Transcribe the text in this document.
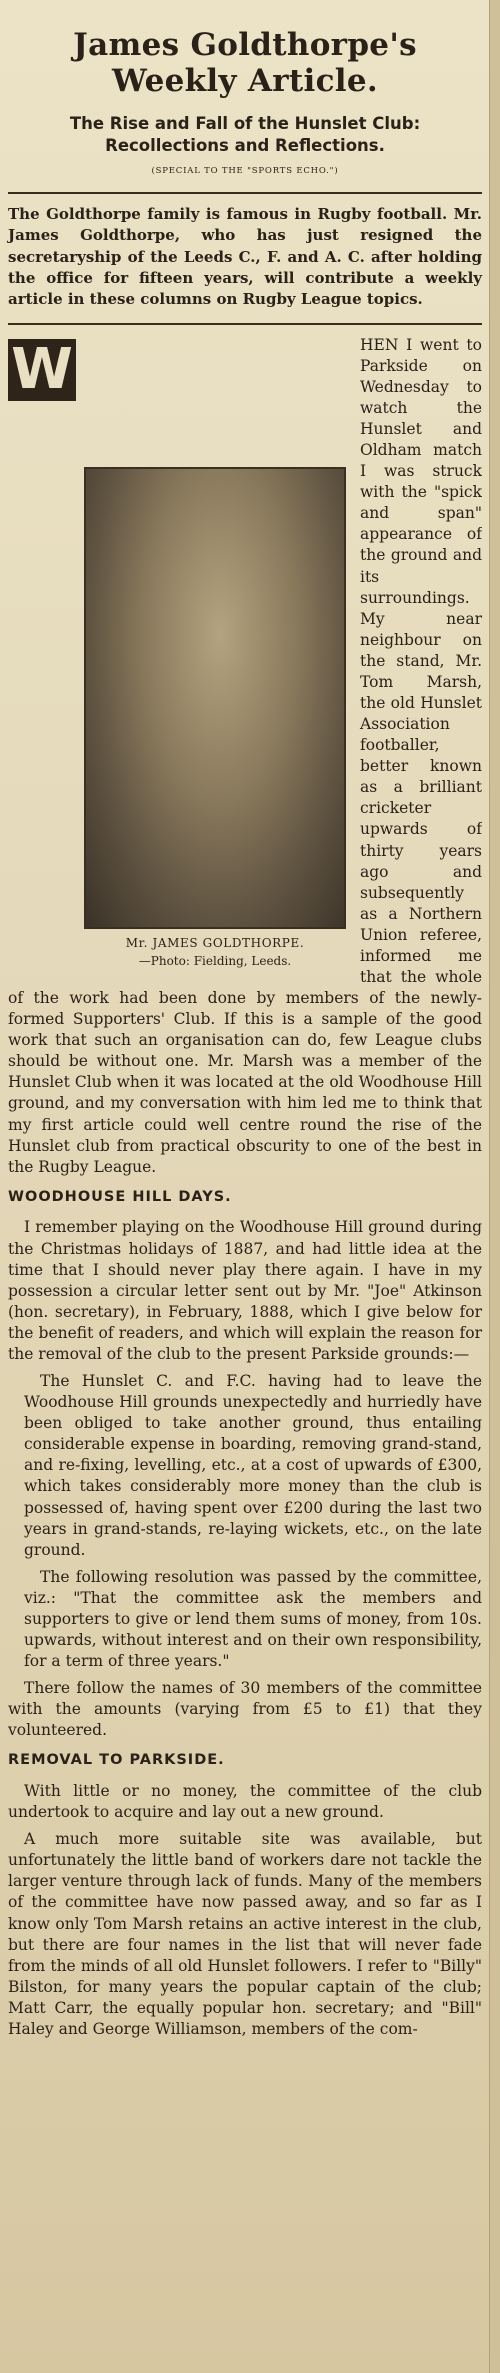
James Goldthorpe's Weekly Article.
The Rise and Fall of the Hunslet Club:
Recollections and Reflections.
(SPECIAL TO THE "SPORTS ECHO.")
The Goldthorpe family is famous in Rugby football. Mr. James Goldthorpe, who has just resigned the secretaryship of the Leeds C., F. and A. C. after holding the office for fifteen years, will contribute a weekly article in these columns on Rugby League topics.
W
Mr. JAMES GOLDTHORPE.
—Photo: Fielding, Leeds.
HEN I went to Parkside on Wednesday to watch the Hunslet and Oldham match I was struck with the "spick and span" appearance of the ground and its surroundings. My near neighbour on the stand, Mr. Tom Marsh, the old Hunslet Association footballer, better known as a brilliant cricketer upwards of thirty years ago and subsequently as a Northern Union referee, informed me that the whole of the work had been done by members of the newly-formed Supporters' Club. If this is a sample of the good work that such an organisation can do, few League clubs should be without one. Mr. Marsh was a member of the Hunslet Club when it was located at the old Woodhouse Hill ground, and my conversation with him led me to think that my first article could well centre round the rise of the Hunslet club from practical obscurity to one of the best in the Rugby League.
WOODHOUSE HILL DAYS.

I remember playing on the Woodhouse Hill ground during the Christmas holidays of 1887, and had little idea at the time that I should never play there again. I have in my possession a circular letter sent out by Mr. "Joe" Atkinson (hon. secretary), in February, 1888, which I give below for the benefit of readers, and which will explain the reason for the removal of the club to the present Parkside grounds:—

The Hunslet C. and F.C. having had to leave the Woodhouse Hill grounds unexpectedly and hurriedly have been obliged to take another ground, thus entailing considerable expense in boarding, removing grand-stand, and re-fixing, levelling, etc., at a cost of upwards of £300, which takes considerably more money than the club is possessed of, having spent over £200 during the last two years in grand-stands, re-laying wickets, etc., on the late ground.

The following resolution was passed by the committee, viz.: "That the committee ask the members and supporters to give or lend them sums of money, from 10s. upwards, without interest and on their own responsibility, for a term of three years."

There follow the names of 30 members of the committee with the amounts (varying from £5 to £1) that they volunteered.

REMOVAL TO PARKSIDE.

With little or no money, the committee of the club undertook to acquire and lay out a new ground.

A much more suitable site was available, but unfortunately the little band of workers dare not tackle the larger venture through lack of funds. Many of the members of the committee have now passed away, and so far as I know only Tom Marsh retains an active interest in the club, but there are four names in the list that will never fade from the minds of all old Hunslet followers. I refer to "Billy" Bilston, for many years the popular captain of the club; Matt Carr, the equally popular hon. secretary; and "Bill" Haley and George Williamson, members of the com-
